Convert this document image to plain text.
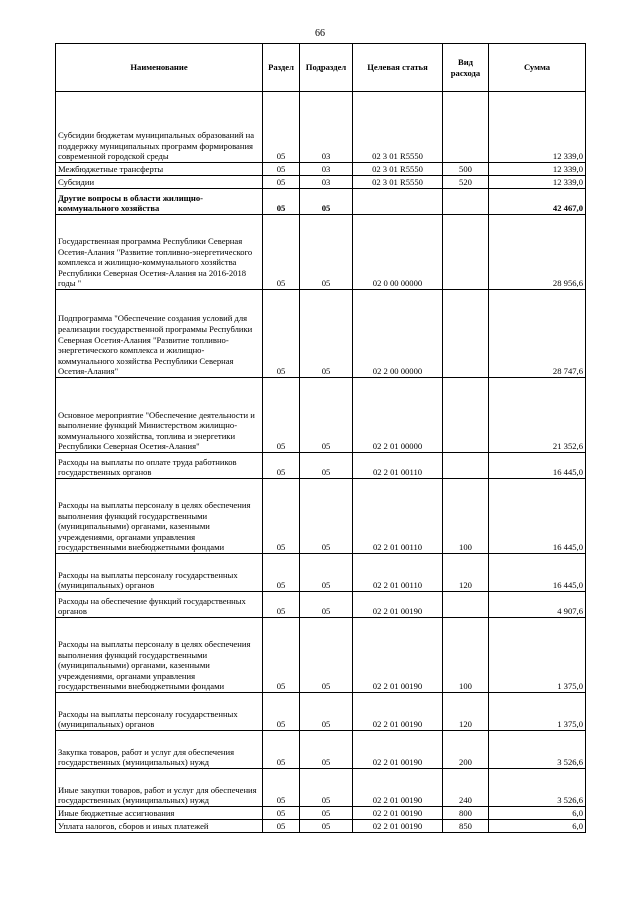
66
Наименование	Раздел	Подраздел	Целевая статья	Вид расхода	Сумма
Субсидии бюджетам муниципальных образований на поддержку муниципальных программ формирования современной городской среды	05	03	02 3 01 R5550		12 339,0
Межбюджетные трансферты	05	03	02 3 01 R5550	500	12 339,0
Субсидии	05	03	02 3 01 R5550	520	12 339,0
Другие вопросы в области жилищно-коммунального хозяйства	05	05			42 467,0
Государственная программа Республики Северная Осетия-Алания "Развитие топливно-энергетического комплекса и жилищно-коммунального хозяйства Республики Северная Осетия-Алания на 2016-2018 годы "	05	05	02 0 00 00000		28 956,6
Подпрограмма "Обеспечение создания условий для реализации государственной программы Республики Северная Осетия-Алания "Развитие топливно-энергетического комплекса и жилищно-коммунального хозяйства Республики Северная Осетия-Алания"	05	05	02 2 00 00000		28 747,6
Основное мероприятие "Обеспечение деятельности и выполнение функций Министерством жилищно-коммунального хозяйства, топлива и энергетики Республики Северная Осетия-Алания"	05	05	02 2 01 00000		21 352,6
Расходы на выплаты по оплате труда работников государственных органов	05	05	02 2 01 00110		16 445,0
Расходы на выплаты персоналу в целях обеспечения выполнения функций государственными (муниципальными) органами, казенными учреждениями, органами управления государственными внебюджетными фондами	05	05	02 2 01 00110	100	16 445,0
Расходы на выплаты персоналу государственных (муниципальных) органов	05	05	02 2 01 00110	120	16 445,0
Расходы на обеспечение функций государственных органов	05	05	02 2 01 00190		4 907,6
Расходы на выплаты персоналу в целях обеспечения выполнения функций государственными (муниципальными) органами, казенными учреждениями, органами управления государственными внебюджетными фондами	05	05	02 2 01 00190	100	1 375,0
Расходы на выплаты персоналу государственных (муниципальных) органов	05	05	02 2 01 00190	120	1 375,0
Закупка товаров, работ и услуг для обеспечения государственных (муниципальных) нужд	05	05	02 2 01 00190	200	3 526,6
Иные закупки товаров, работ и услуг для обеспечения государственных (муниципальных) нужд	05	05	02 2 01 00190	240	3 526,6
Иные бюджетные ассигнования	05	05	02 2 01 00190	800	6,0
Уплата налогов, сборов и иных платежей	05	05	02 2 01 00190	850	6,0
